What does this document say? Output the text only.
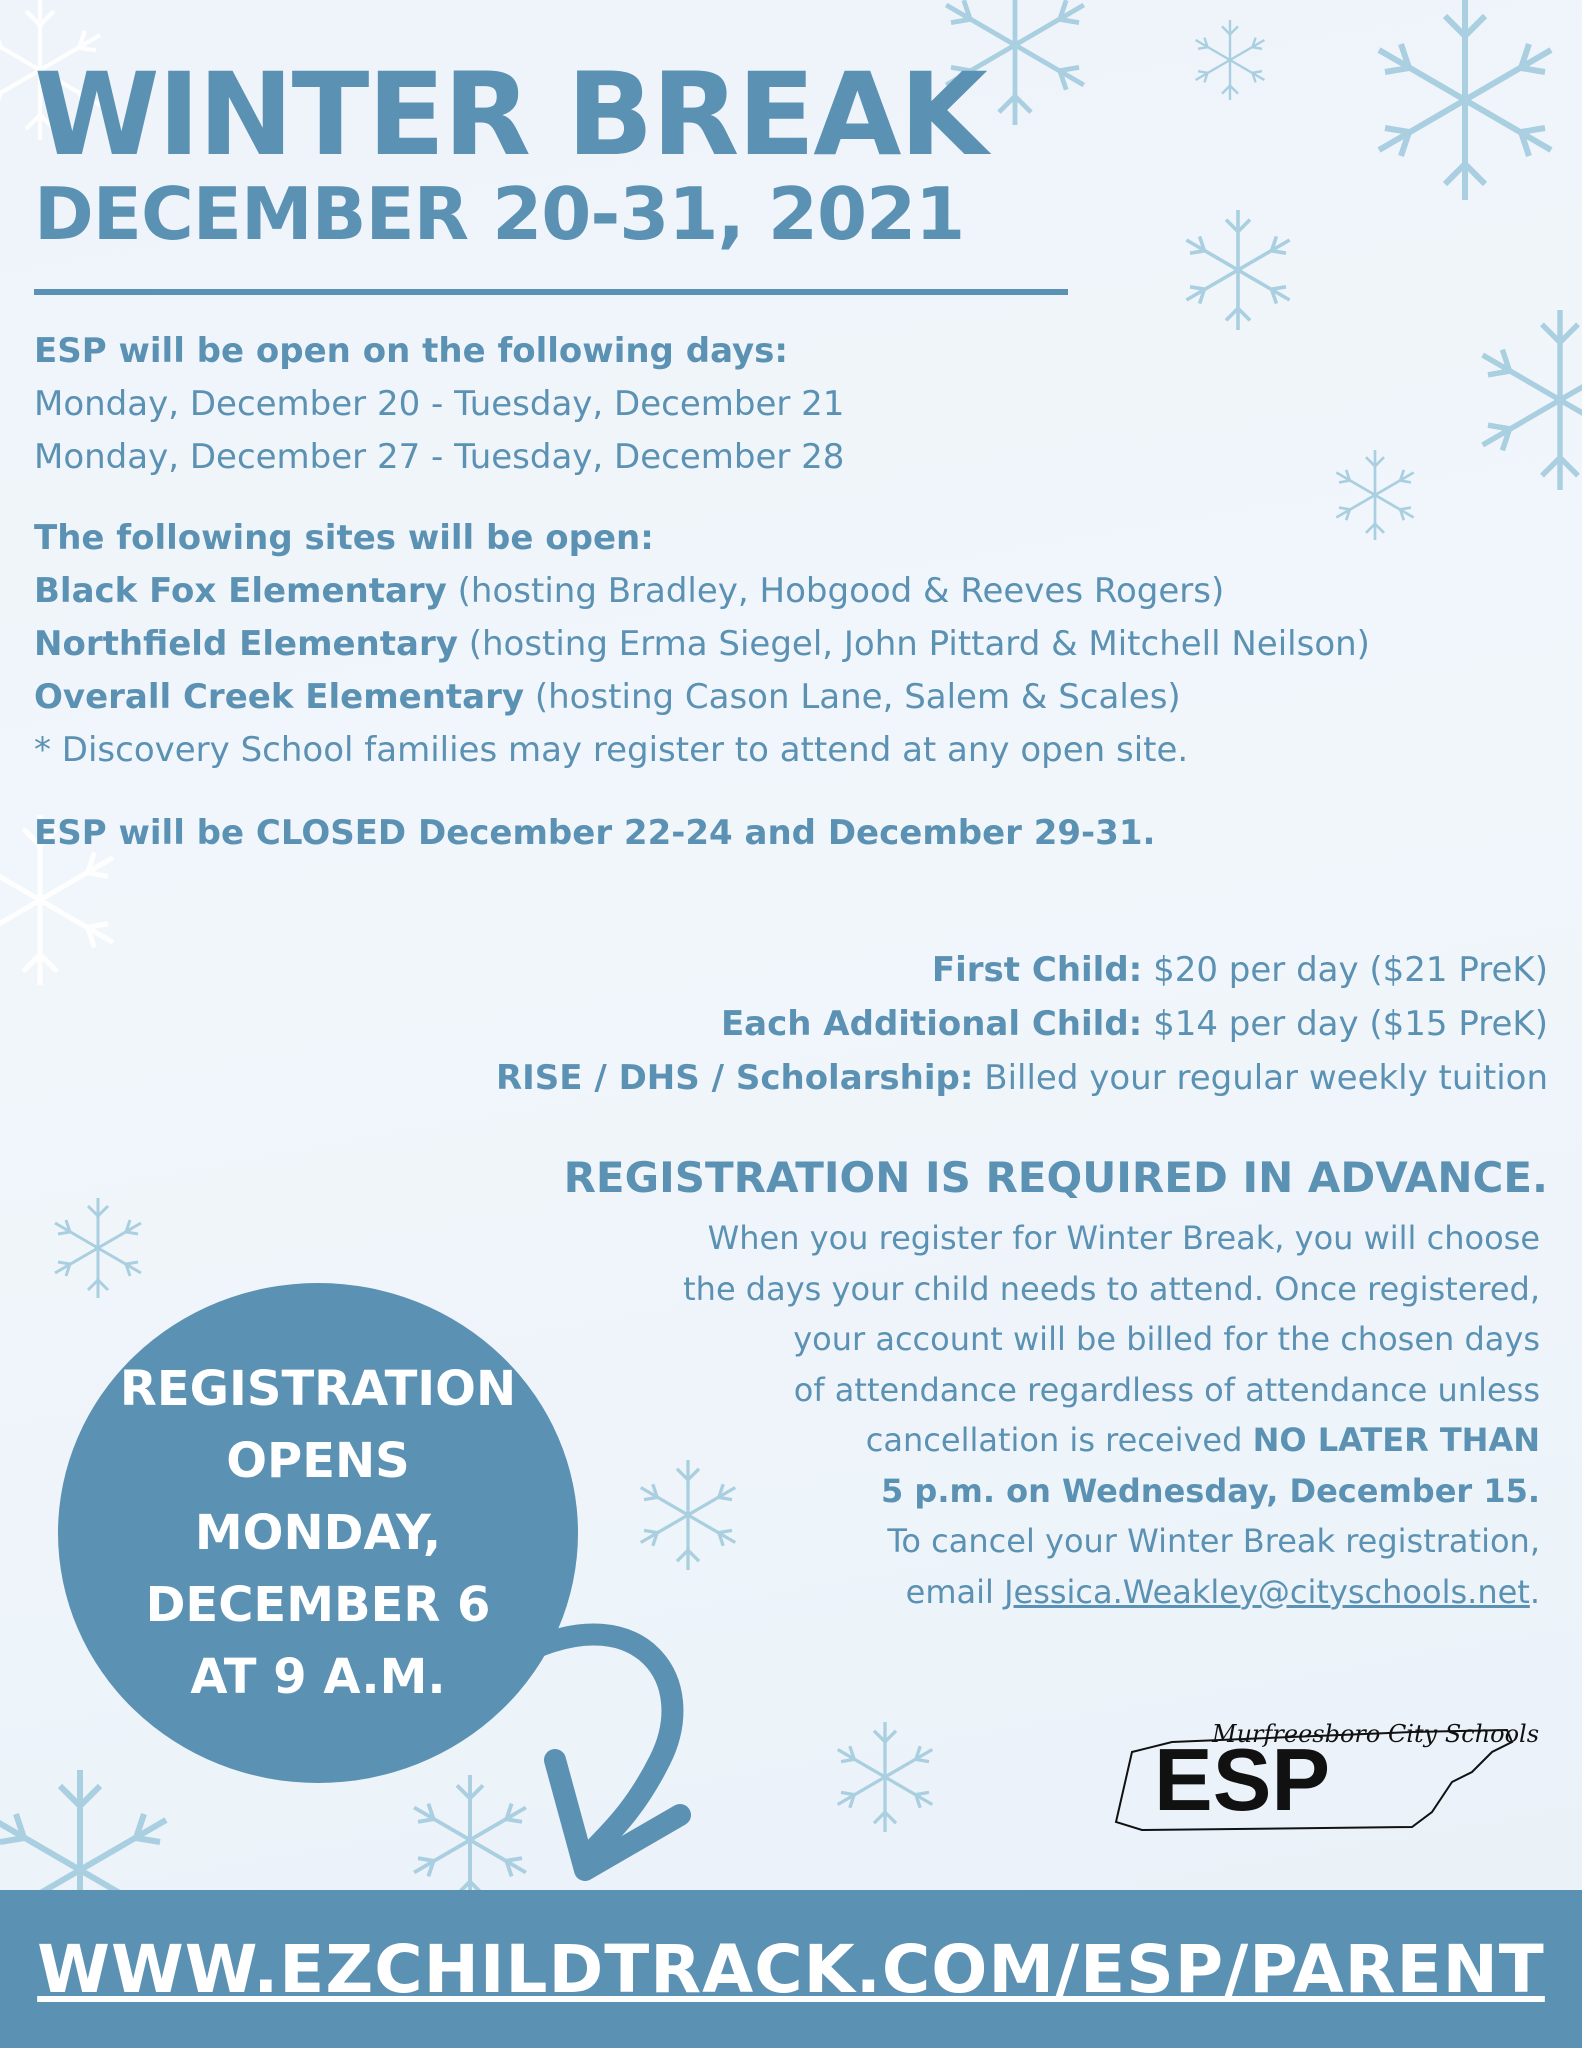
WINTER BREAK
DECEMBER 20-31, 2021

ESP will be open on the following days:

Monday, December 20 - Tuesday, December 21

Monday, December 27 - Tuesday, December 28

The following sites will be open:

Black Fox Elementary (hosting Bradley, Hobgood & Reeves Rogers)

Northfield Elementary (hosting Erma Siegel, John Pittard & Mitchell Neilson)

Overall Creek Elementary (hosting Cason Lane, Salem & Scales)

* Discovery School families may register to attend at any open site.

ESP will be CLOSED December 22-24 and December 29-31.

First Child: $20 per day ($21 PreK)

Each Additional Child: $14 per day ($15 PreK)

RISE / DHS / Scholarship: Billed your regular weekly tuition

REGISTRATION IS REQUIRED IN ADVANCE.

When you register for Winter Break, you will choose

the days your child needs to attend. Once registered,

your account will be billed for the chosen days

of attendance regardless of attendance unless

cancellation is received NO LATER THAN

5 p.m. on Wednesday, December 15.

To cancel your Winter Break registration,

email Jessica.Weakley@cityschools.net.

REGISTRATION
OPENS
MONDAY,
DECEMBER 6
AT 9 A.M.
Murfreesboro City Schools
ESP
WWW.EZCHILDTRACK.COM/ESP/PARENT
